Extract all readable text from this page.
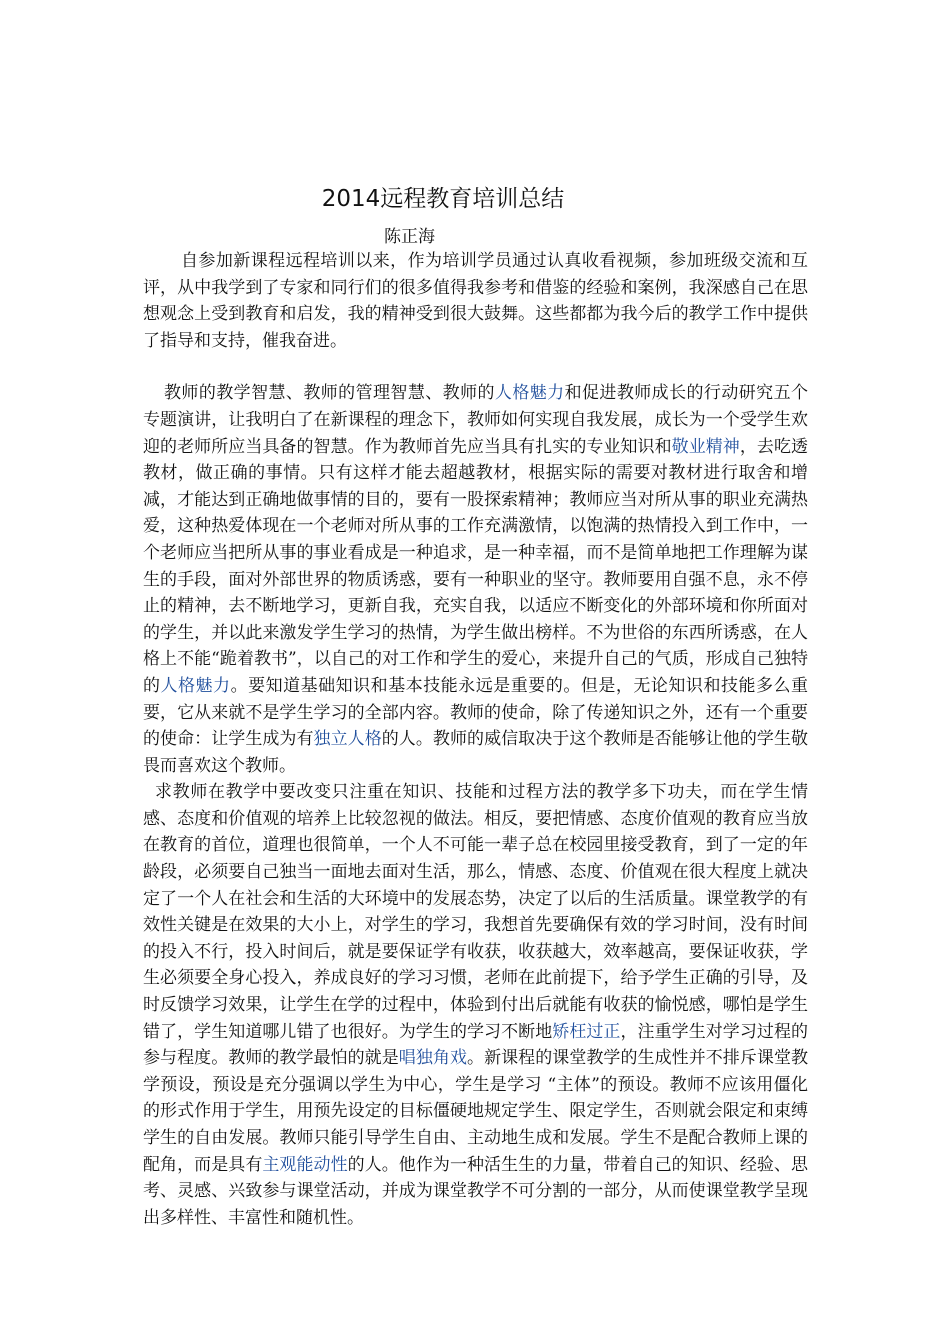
2014远程教育培训总结
陈正海

自参加新课程远程培训以来，作为培训学员通过认真收看视频，参加班级交流和互评，从中我学到了专家和同行们的很多值得我参考和借鉴的经验和案例，我深感自己在思想观念上受到教育和启发，我的精神受到很大鼓舞。这些都都为我今后的教学工作中提供了指导和支持，催我奋进。

教师的教学智慧、教师的管理智慧、教师的人格魅力和促进教师成长的行动研究五个专题演讲，让我明白了在新课程的理念下，教师如何实现自我发展，成长为一个受学生欢迎的老师所应当具备的智慧。作为教师首先应当具有扎实的专业知识和敬业精神，去吃透教材，做正确的事情。只有这样才能去超越教材，根据实际的需要对教材进行取舍和增减，才能达到正确地做事情的目的，要有一股探索精神；教师应当对所从事的职业充满热爱，这种热爱体现在一个老师对所从事的工作充满激情，以饱满的热情投入到工作中，一个老师应当把所从事的事业看成是一种追求，是一种幸福，而不是简单地把工作理解为谋生的手段，面对外部世界的物质诱惑，要有一种职业的坚守。教师要用自强不息，永不停止的精神，去不断地学习，更新自我，充实自我，以适应不断变化的外部环境和你所面对的学生，并以此来激发学生学习的热情，为学生做出榜样。不为世俗的东西所诱惑，在人格上不能“跪着教书”，以自己的对工作和学生的爱心，来提升自己的气质，形成自己独特的人格魅力。要知道基础知识和基本技能永远是重要的。但是，无论知识和技能多么重要，它从来就不是学生学习的全部内容。教师的使命，除了传递知识之外，还有一个重要的使命：让学生成为有独立人格的人。教师的威信取决于这个教师是否能够让他的学生敬畏而喜欢这个教师。

求教师在教学中要改变只注重在知识、技能和过程方法的教学多下功夫，而在学生情感、态度和价值观的培养上比较忽视的做法。相反，要把情感、态度价值观的教育应当放在教育的首位，道理也很简单，一个人不可能一辈子总在校园里接受教育，到了一定的年龄段，必须要自己独当一面地去面对生活，那么，情感、态度、价值观在很大程度上就决定了一个人在社会和生活的大环境中的发展态势，决定了以后的生活质量。课堂教学的有效性关键是在效果的大小上，对学生的学习，我想首先要确保有效的学习时间，没有时间的投入不行，投入时间后，就是要保证学有收获，收获越大，效率越高，要保证收获，学生必须要全身心投入，养成良好的学习习惯，老师在此前提下，给予学生正确的引导，及时反馈学习效果，让学生在学的过程中，体验到付出后就能有收获的愉悦感，哪怕是学生错了，学生知道哪儿错了也很好。为学生的学习不断地矫枉过正，注重学生对学习过程的参与程度。教师的教学最怕的就是唱独角戏。新课程的课堂教学的生成性并不排斥课堂教学预设，预设是充分强调以学生为中心，学生是学习 “主体”的预设。教师不应该用僵化的形式作用于学生，用预先设定的目标僵硬地规定学生、限定学生，否则就会限定和束缚学生的自由发展。教师只能引导学生自由、主动地生成和发展。学生不是配合教师上课的配角，而是具有主观能动性的人。他作为一种活生生的力量，带着自己的知识、经验、思考、灵感、兴致参与课堂活动，并成为课堂教学不可分割的一部分，从而使课堂教学呈现出多样性、丰富性和随机性。
